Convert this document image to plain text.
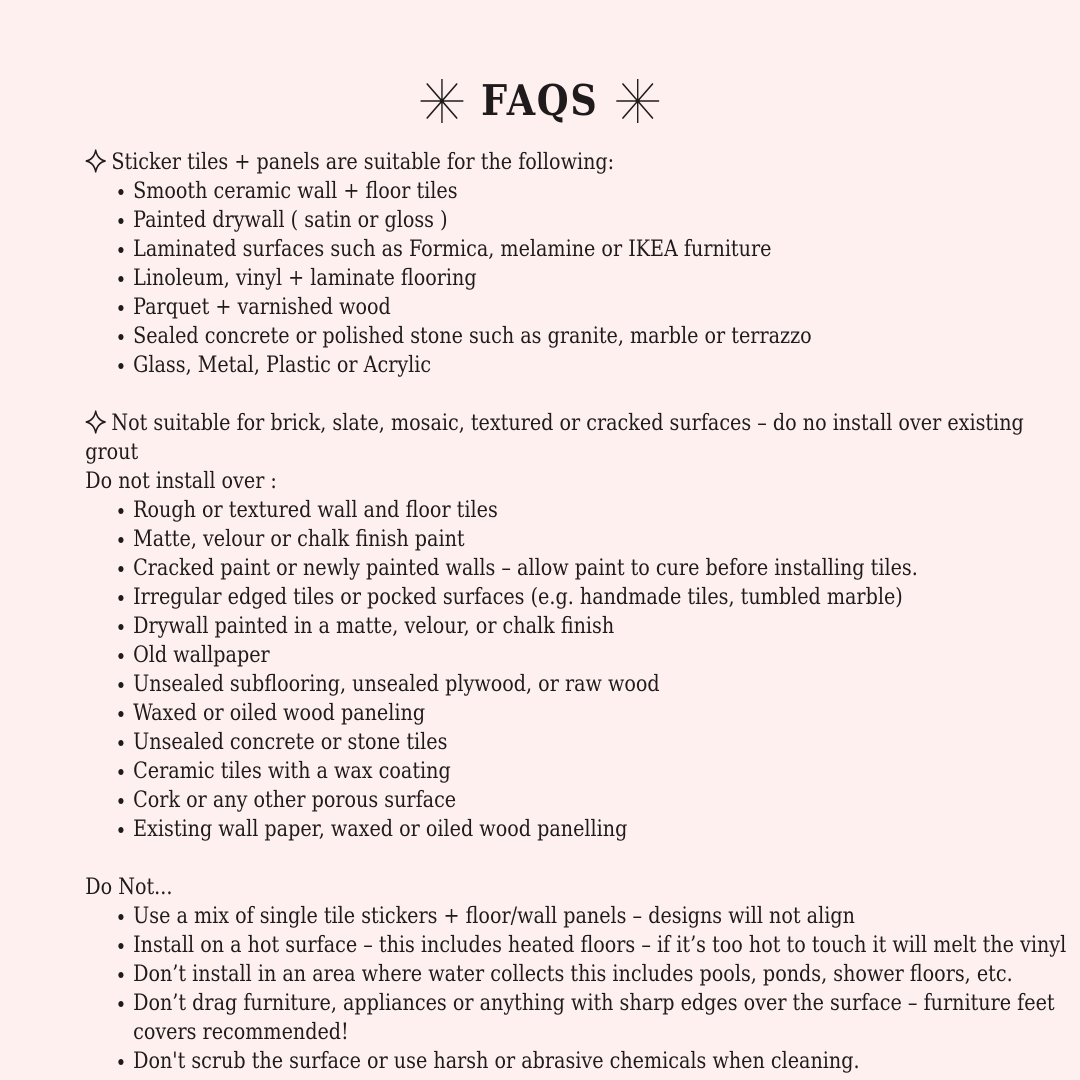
FAQS

Sticker tiles + panels are suitable for the following:

Smooth ceramic wall + floor tiles
Painted drywall ( satin or gloss )
Laminated surfaces such as Formica, melamine or IKEA furniture
Linoleum, vinyl + laminate flooring
Parquet + varnished wood
Sealed concrete or polished stone such as granite, marble or terrazzo
Glass, Metal, Plastic or Acrylic

Not suitable for brick, slate, mosaic, textured or cracked surfaces – do no install over existing grout

Do not install over :

Rough or textured wall and floor tiles
Matte, velour or chalk finish paint
Cracked paint or newly painted walls – allow paint to cure before installing tiles.
Irregular edged tiles or pocked surfaces (e.g. handmade tiles, tumbled marble)
Drywall painted in a matte, velour, or chalk finish
Old wallpaper
Unsealed subflooring, unsealed plywood, or raw wood
Waxed or oiled wood paneling
Unsealed concrete or stone tiles
Ceramic tiles with a wax coating
Cork or any other porous surface
Existing wall paper, waxed or oiled wood panelling

Do Not...

Use a mix of single tile stickers + floor/wall panels – designs will not align
Install on a hot surface – this includes heated floors – if it’s too hot to touch it will melt the vinyl
Don’t install in an area where water collects this includes pools, ponds, shower floors, etc.
Don’t drag furniture, appliances or anything with sharp edges over the surface – furniture feet covers recommended!
Don't scrub the surface or use harsh or abrasive chemicals when cleaning.
